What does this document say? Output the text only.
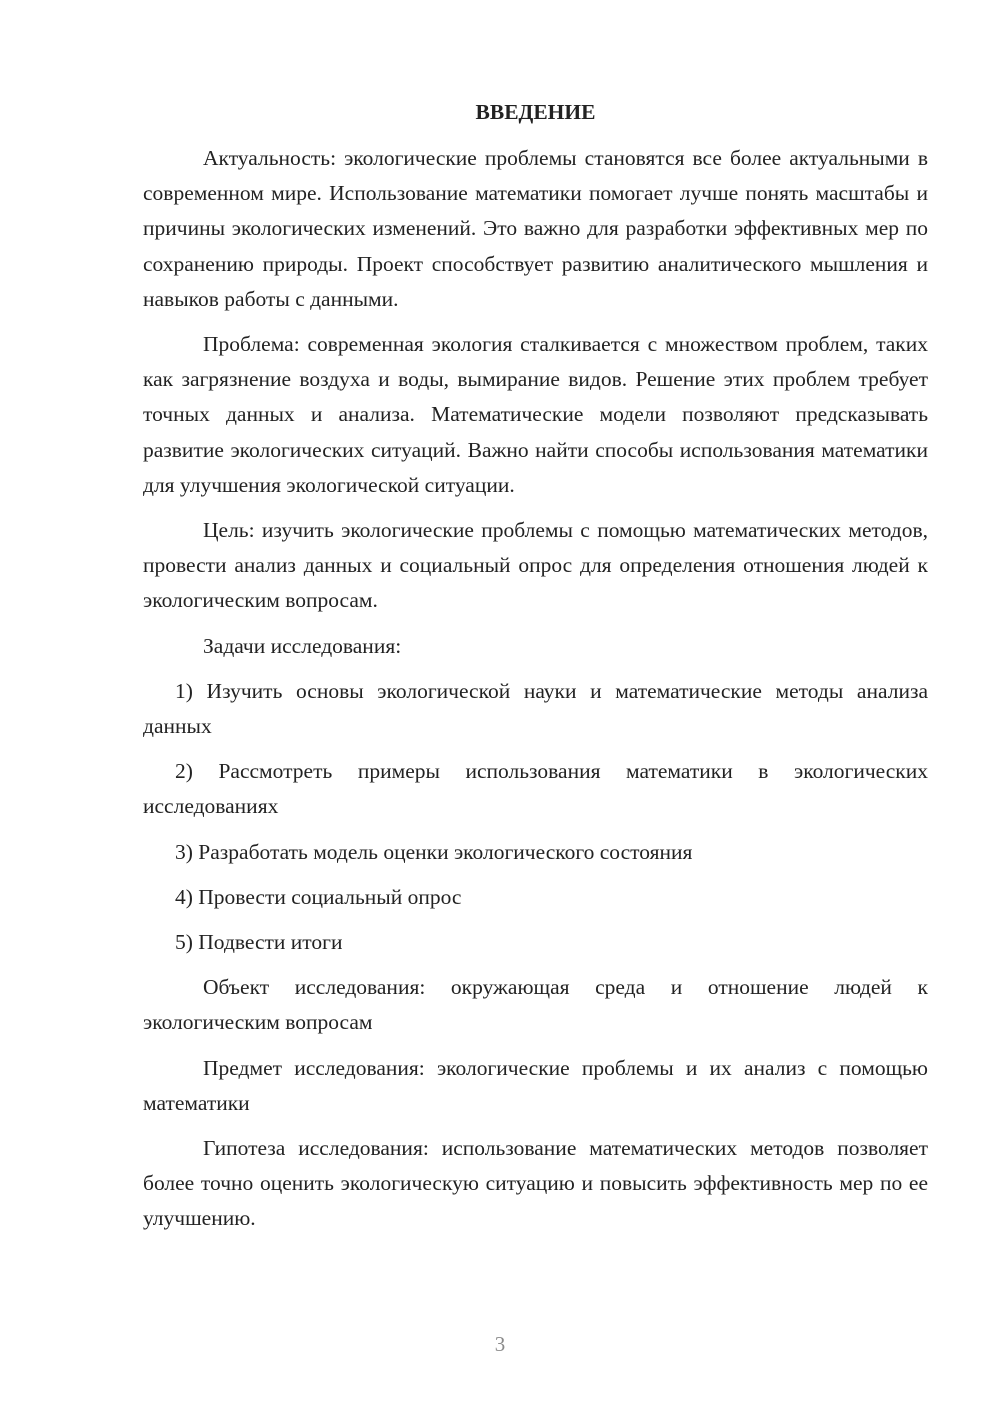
ВВЕДЕНИЕ

Актуальность: экологические проблемы становятся все более актуальными в современном мире. Использование математики помогает лучше понять масштабы и причины экологических изменений. Это важно для разработки эффективных мер по сохранению природы. Проект способствует развитию аналитического мышления и навыков работы с данными.

Проблема: современная экология сталкивается с множеством проблем, таких как загрязнение воздуха и воды, вымирание видов. Решение этих проблем требует точных данных и анализа. Математические модели позволяют предсказывать развитие экологических ситуаций. Важно найти способы использования математики для улучшения экологической ситуации.

Цель: изучить экологические проблемы с помощью математических методов, провести анализ данных и социальный опрос для определения отношения людей к экологическим вопросам.

Задачи исследования:

1) Изучить основы экологической науки и математические методы анализа данных

2) Рассмотреть примеры использования математики в экологических исследованиях

3) Разработать модель оценки экологического состояния

4) Провести социальный опрос

5) Подвести итоги

Объект исследования: окружающая среда и отношение людей к экологическим вопросам

Предмет исследования: экологические проблемы и их анализ с помощью математики

Гипотеза исследования: использование математических методов позволяет более точно оценить экологическую ситуацию и повысить эффективность мер по ее улучшению.

3
